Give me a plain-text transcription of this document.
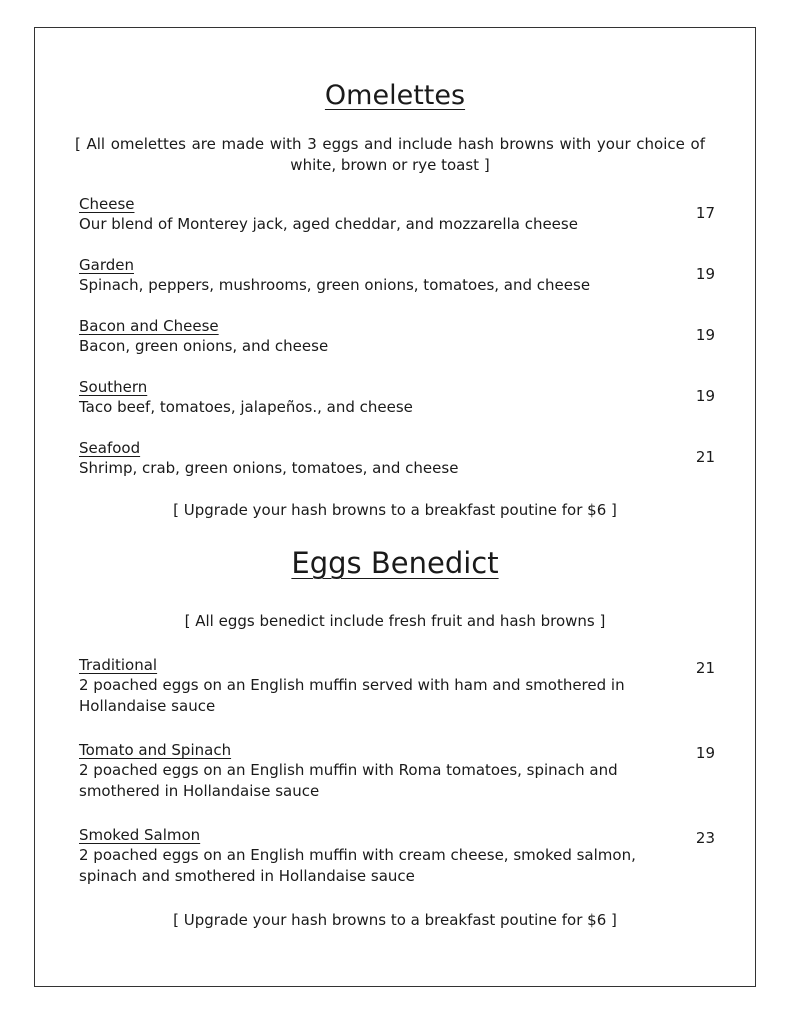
Omelettes
[ All omelettes are made with 3 eggs and include hash browns with your choice of white, brown or rye toast ]
Cheese
Our blend of Monterey jack, aged cheddar, and mozzarella cheese
17
Garden
Spinach, peppers, mushrooms, green onions, tomatoes, and cheese
19
Bacon and Cheese
Bacon, green onions, and cheese
19
Southern
Taco beef, tomatoes, jalapeños., and cheese
19
Seafood
Shrimp, crab, green onions, tomatoes, and cheese
21
[ Upgrade your hash browns to a breakfast poutine for $6 ]
Eggs Benedict
[ All eggs benedict include fresh fruit and hash browns ]
Traditional
2 poached eggs on an English muffin served with ham and smothered in Hollandaise sauce
21
Tomato and Spinach
2 poached eggs on an English muffin with Roma tomatoes, spinach and smothered in Hollandaise sauce
19
Smoked Salmon
2 poached eggs on an English muffin with cream cheese, smoked salmon, spinach and smothered in Hollandaise sauce
23
[ Upgrade your hash browns to a breakfast poutine for $6 ]
